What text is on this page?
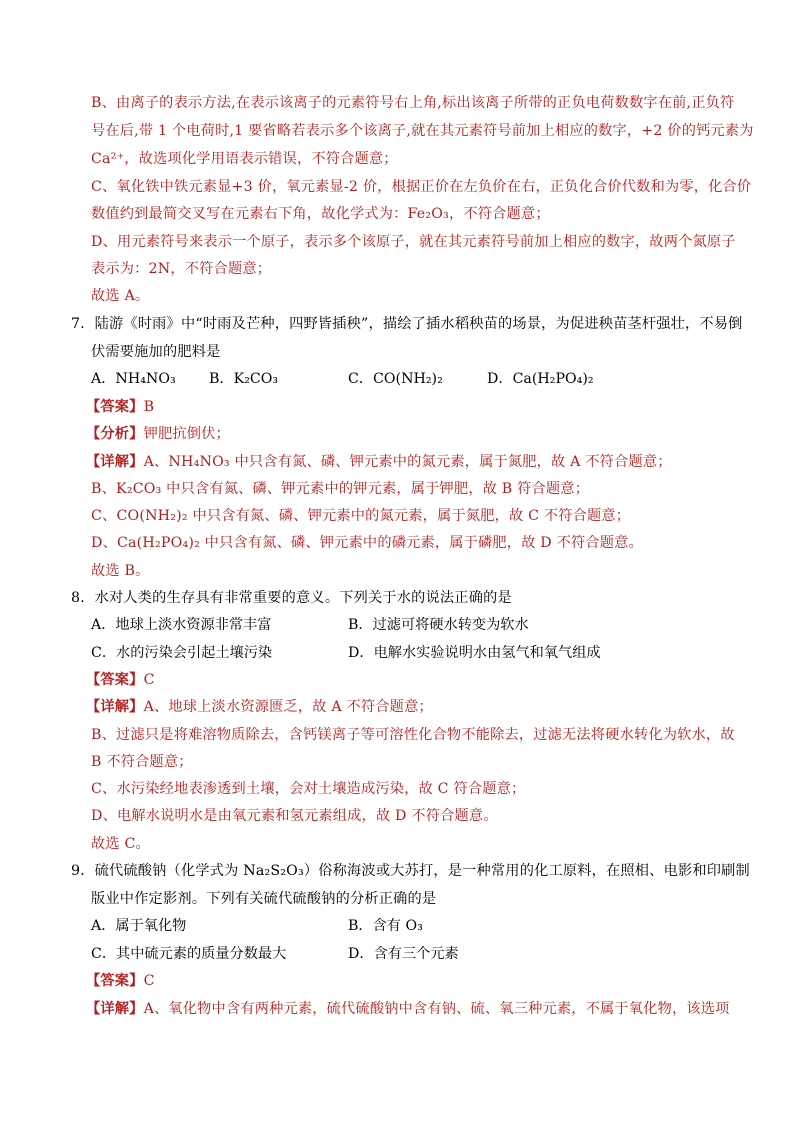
B、由离子的表示方法,在表示该离子的元素符号右上角,标出该离子所带的正负电荷数数字在前,正负符
号在后,带 1 个电荷时,1 要省略若表示多个该离子,就在其元素符号前加上相应的数字，+2 价的钙元素为
Ca²⁺，故选项化学用语表示错误，不符合题意；
C、氧化铁中铁元素显+3 价，氧元素显-2 价，根据正价在左负价在右，正负化合价代数和为零，化合价
数值约到最简交叉写在元素右下角，故化学式为：Fe₂O₃，不符合题意；
D、用元素符号来表示一个原子，表示多个该原子，就在其元素符号前加上相应的数字，故两个氮原子
表示为：2N，不符合题意；
故选 A。
7．陆游《时雨》中“时雨及芒种，四野皆插秧”，描绘了插水稻秧苗的场景，为促进秧苗茎杆强壮，不易倒
伏需要施加的肥料是
A．NH₄NO₃ B．K₂CO₃	C．CO(NH₂)₂	D．Ca(H₂PO₄)₂
【答案】B
【分析】钾肥抗倒伏；
【详解】A、NH₄NO₃ 中只含有氮、磷、钾元素中的氮元素，属于氮肥，故 A 不符合题意；
B、K₂CO₃ 中只含有氮、磷、钾元素中的钾元素，属于钾肥，故 B 符合题意；
C、CO(NH₂)₂ 中只含有氮、磷、钾元素中的氮元素，属于氮肥，故 C 不符合题意；
D、Ca(H₂PO₄)₂ 中只含有氮、磷、钾元素中的磷元素，属于磷肥，故 D 不符合题意。
故选 B。
8．水对人类的生存具有非常重要的意义。下列关于水的说法正确的是
A．地球上淡水资源非常丰富	B．过滤可将硬水转变为软水
C．水的污染会引起土壤污染	D．电解水实验说明水由氢气和氧气组成
【答案】C
【详解】A、地球上淡水资源匮乏，故 A 不符合题意；
B、过滤只是将难溶物质除去，含钙镁离子等可溶性化合物不能除去，过滤无法将硬水转化为软水，故
B 不符合题意；
C、水污染经地表渗透到土壤，会对土壤造成污染，故 C 符合题意；
D、电解水说明水是由氧元素和氢元素组成，故 D 不符合题意。
故选 C。
9．硫代硫酸钠（化学式为 Na₂S₂O₃）俗称海波或大苏打，是一种常用的化工原料，在照相、电影和印刷制
版业中作定影剂。下列有关硫代硫酸钠的分析正确的是
A．属于氧化物	B．含有 O₃
C．其中硫元素的质量分数最大	D．含有三个元素
【答案】C
【详解】A、氧化物中含有两种元素，硫代硫酸钠中含有钠、硫、氧三种元素，不属于氧化物，该选项
